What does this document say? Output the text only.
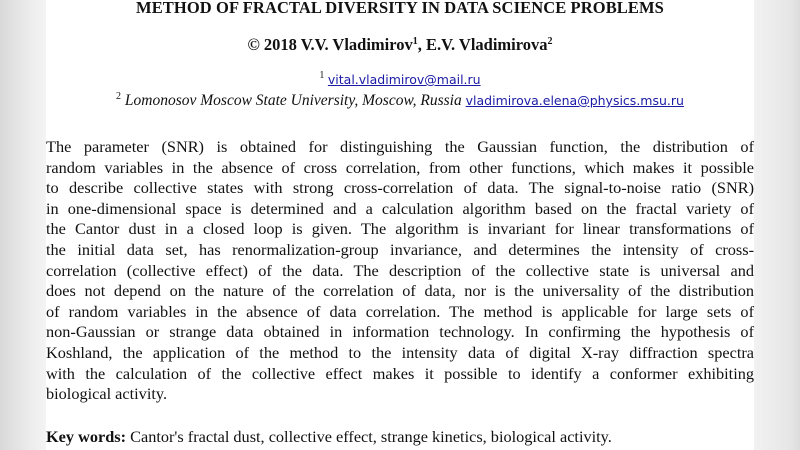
METHOD OF FRACTAL DIVERSITY IN DATA SCIENCE PROBLEMS
© 2018 V.V. Vladimirov$^1$, E.V. Vladimirova$^2$
$^1$ vital.vladimirov@mail.ru
$^2$ Lomonosov Moscow State University, Moscow, Russia vladimirova.elena@physics.msu.ru
The parameter (SNR) is obtained for distinguishing the Gaussian function, the distribution of
random variables in the absence of cross correlation, from other functions, which makes it possible
to describe collective states with strong cross-correlation of data. The signal-to-noise ratio (SNR)
in one-dimensional space is determined and a calculation algorithm based on the fractal variety of
the Cantor dust in a closed loop is given. The algorithm is invariant for linear transformations of
the initial data set, has renormalization-group invariance, and determines the intensity of cross-
correlation (collective effect) of the data. The description of the collective state is universal and
does not depend on the nature of the correlation of data, nor is the universality of the distribution
of random variables in the absence of data correlation. The method is applicable for large sets of
non-Gaussian or strange data obtained in information technology. In confirming the hypothesis of
Koshland, the application of the method to the intensity data of digital X-ray diffraction spectra
with the calculation of the collective effect makes it possible to identify a conformer exhibiting
biological activity.
Key words: Cantor's fractal dust, collective effect, strange kinetics, biological activity.
